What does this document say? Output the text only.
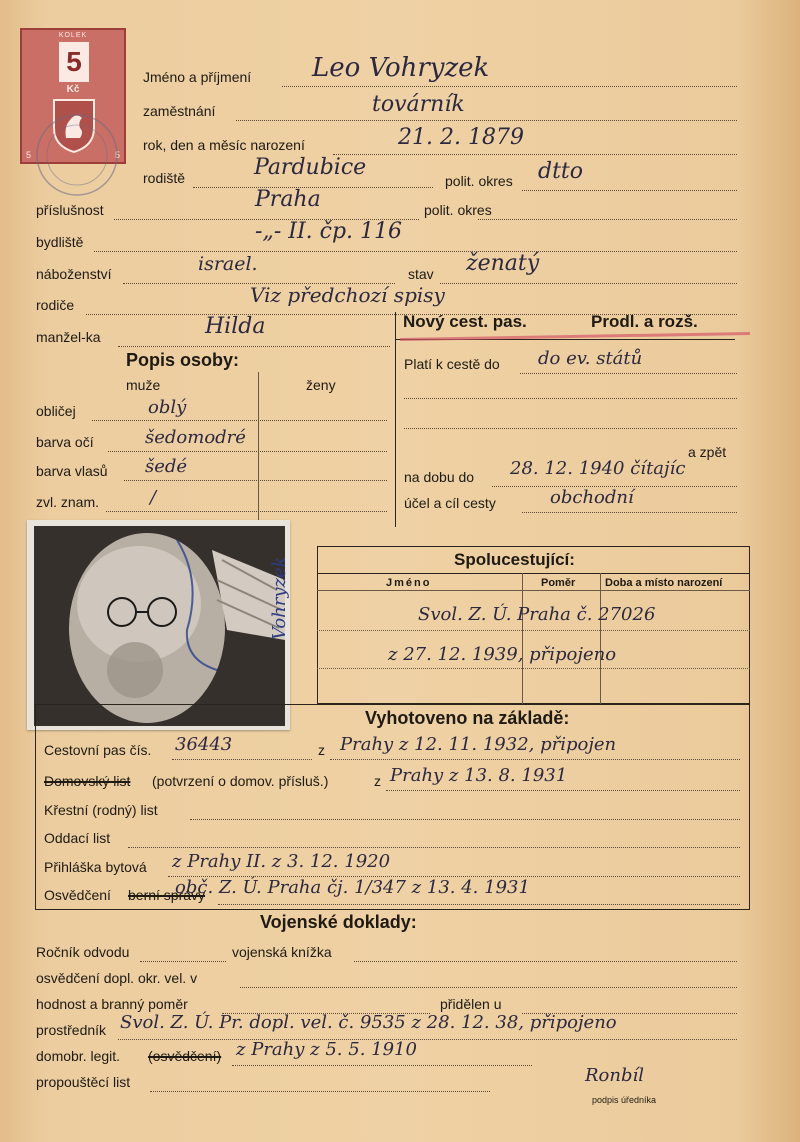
KOLEK
5
Kč
5	5
Jméno a příjmení Leo Vohryzek
zaměstnání	továrník
rok, den a měsíc narození	21. 2. 1879
rodiště	Pardubice
polit. okres dtto
příslušnost	Praha	polit. okres
bydliště	-„- II. čp. 116
náboženství	israel.	stav ženatý
rodiče	Viz předchozí spisy
manžel-ka	Hilda	Nový cest. pas.	Prodl. a rozš.
Platí k cestě do do ev. států
a zpět
na dobu do 28. 12. 1940 čítajíc
účel a cíl cesty	obchodní
Popis osoby:
muže	ženy
obličej	oblý
barva očí	šedomodré
barva vlasů šedé
zvl. znam.	/
Vohryzek	Spolucestující:
Jméno	Poměr	Doba a místo narození
Svol. Z. Ú. Praha č. 27026
z 27. 12. 1939, připojeno
Vyhotoveno na základě:
Cestovní pas čís. 36443	z Prahy z 12. 11. 1932, připojen
Domovský list (potvrzení o domov. přísluš.)	z Prahy z 13. 8. 1931
Křestní (rodný) list
Oddací list
Přihláška bytová z Prahy II. z 3. 12. 1920
Osvědčení berní správy
obč. Z. Ú. Praha čj. 1/347 z 13. 4. 1931
Vojenské doklady:
Ročník odvodu	vojenská knížka
osvědčení dopl. okr. vel. v
hodnost a branný poměr	přidělen u
prostředník Svol. Z. Ú. Pr. dopl. vel. č. 9535 z 28. 12. 38, připojeno
domobr. legit. (osvědčení) z Prahy z 5. 5. 1910
propouštěcí list	Ronbíl
podpis úředníka
